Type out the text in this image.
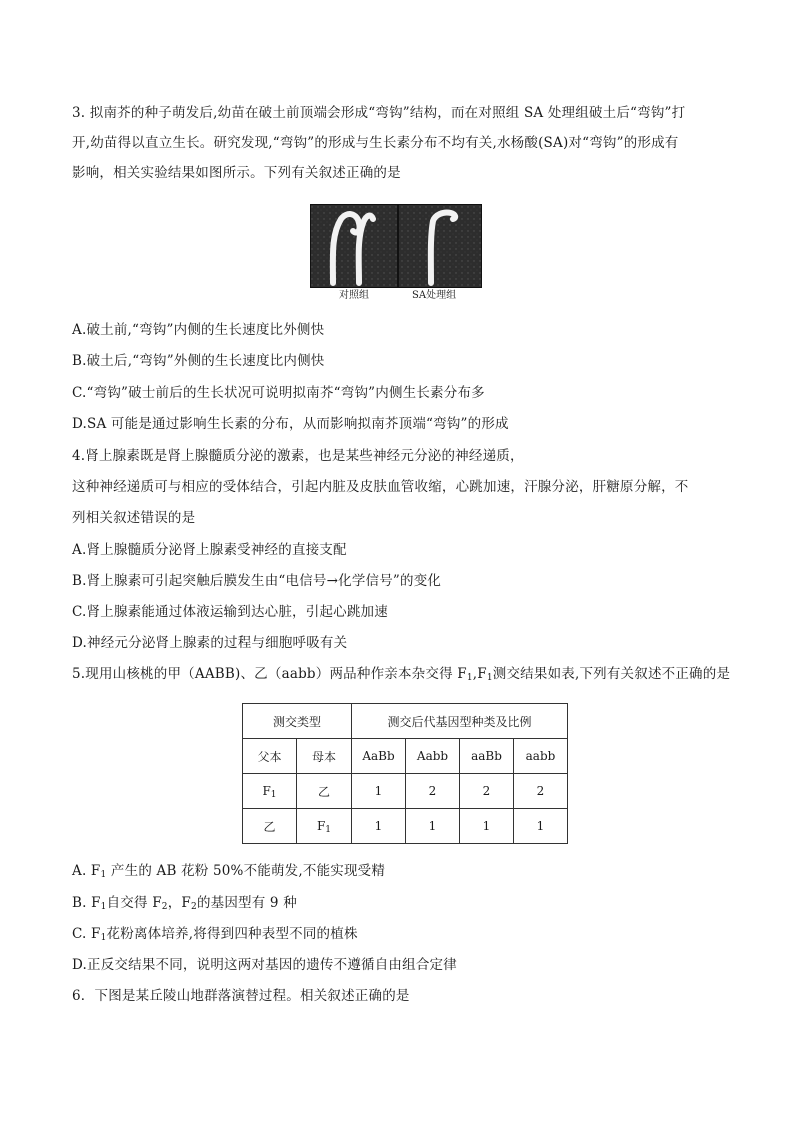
3. 拟南芥的种子萌发后,幼苗在破土前顶端会形成“弯钩”结构，而在对照组 SA 处理组破土后“弯钩”打
开,幼苗得以直立生长。研究发现,“弯钩”的形成与生长素分布不均有关,水杨酸(SA)对“弯钩”的形成有
影响，相关实验结果如图所示。下列有关叙述正确的是
对照组	SA处理组
A.破土前,“弯钩”内侧的生长速度比外侧快
B.破土后,“弯钩”外侧的生长速度比内侧快
C.“弯钩”破士前后的生长状况可说明拟南芥“弯钩”内侧生长素分布多
D.SA 可能是通过影响生长素的分布，从而影响拟南芥顶端“弯钩”的形成
4.肾上腺素既是肾上腺髓质分泌的激素，也是某些神经元分泌的神经递质，
这种神经递质可与相应的受体结合，引起内脏及皮肤血管收缩，心跳加速，汗腺分泌，肝糖原分解，不
列相关叙述错误的是
A.肾上腺髓质分泌肾上腺素受神经的直接支配
B.肾上腺素可引起突触后膜发生由“电信号→化学信号”的变化
C.肾上腺素能通过体液运输到达心脏，引起心跳加速
D.神经元分泌肾上腺素的过程与细胞呼吸有关
5.现用山核桃的甲（AABB)、乙（aabb）两品种作亲本杂交得 $F_1,F_1$测交结果如表,下列有关叙述不正确的是
测交类型		测交后代基因型种类及比例			
父本	母本	AaBb	Aabb	aaBb	aabb
$F_1$	乙	1	2	2	2
乙	$F_1$	1	1	1	1
A. $F_1$ 产生的 AB 花粉 50%不能萌发,不能实现受精
B. $F_1$自交得 $F_2$，$F_2$的基因型有 9 种
C. $F_1$花粉离体培养,将得到四种表型不同的植株
D.正反交结果不同，说明这两对基因的遗传不遵循自由组合定律
6．下图是某丘陵山地群落演替过程。相关叙述正确的是
